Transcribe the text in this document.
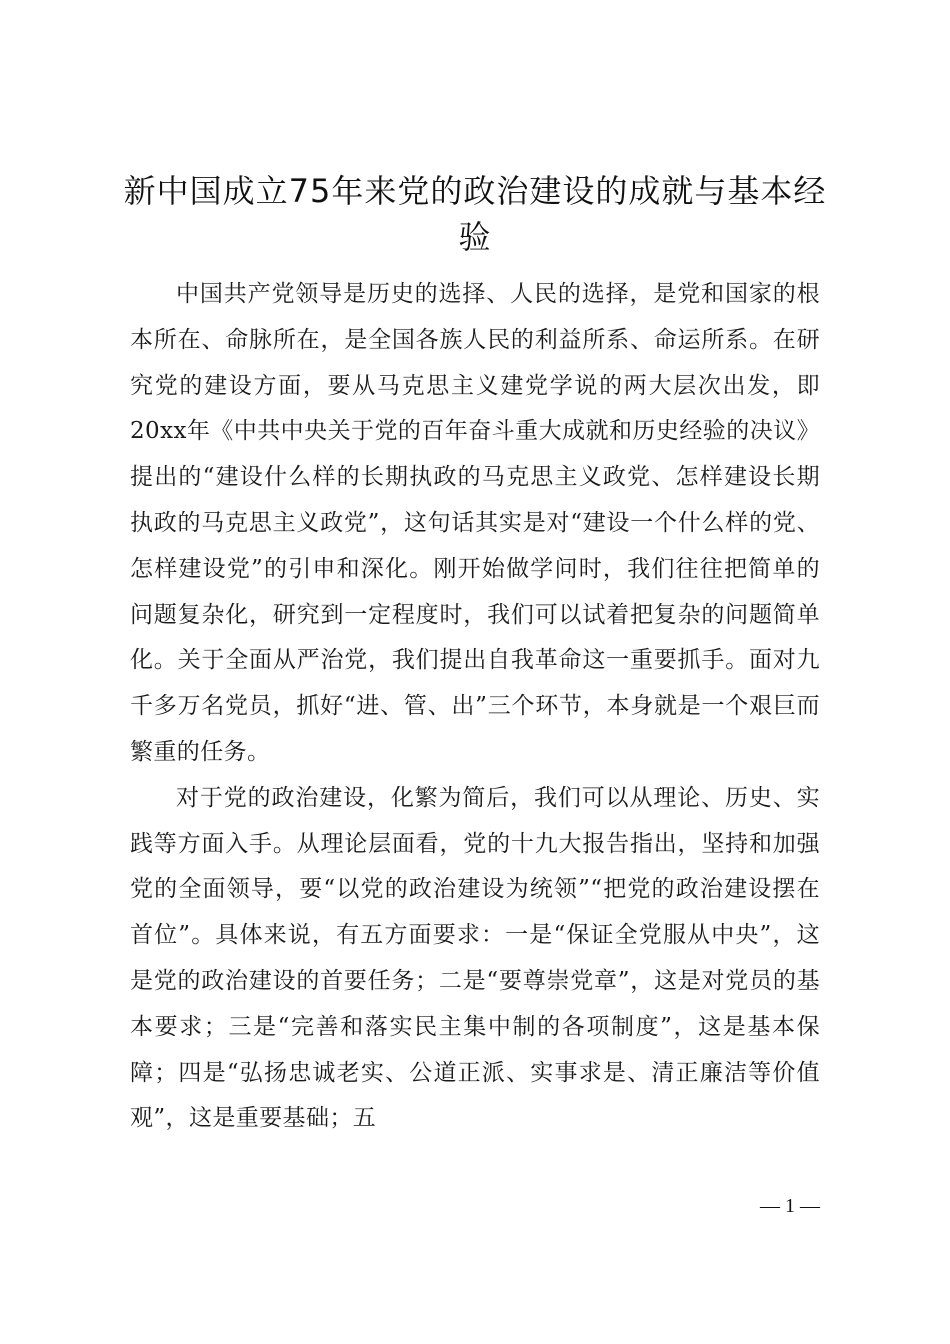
新中国成立75年来党的政治建设的成就与基本经验

中国共产党领导是历史的选择、人民的选择，是党和国家的根本所在、命脉所在，是全国各族人民的利益所系、命运所系。在研究党的建设方面，要从马克思主义建党学说的两大层次出发，即20xx年《中共中央关于党的百年奋斗重大成就和历史经验的决议》提出的“建设什么样的长期执政的马克思主义政党、怎样建设长期执政的马克思主义政党”，这句话其实是对“建设一个什么样的党、怎样建设党”的引申和深化。刚开始做学问时，我们往往把简单的问题复杂化，研究到一定程度时，我们可以试着把复杂的问题简单化。关于全面从严治党，我们提出自我革命这一重要抓手。面对九千多万名党员，抓好“进、管、出”三个环节，本身就是一个艰巨而繁重的任务。

对于党的政治建设，化繁为简后，我们可以从理论、历史、实践等方面入手。从理论层面看，党的十九大报告指出，坚持和加强党的全面领导，要“以党的政治建设为统领”“把党的政治建设摆在首位”。具体来说，有五方面要求：一是“保证全党服从中央”，这是党的政治建设的首要任务；二是“要尊崇党章”，这是对党员的基本要求；三是“完善和落实民主集中制的各项制度”，这是基本保障；四是“弘扬忠诚老实、公道正派、实事求是、清正廉洁等价值观”，这是重要基础；五

— 1 —
